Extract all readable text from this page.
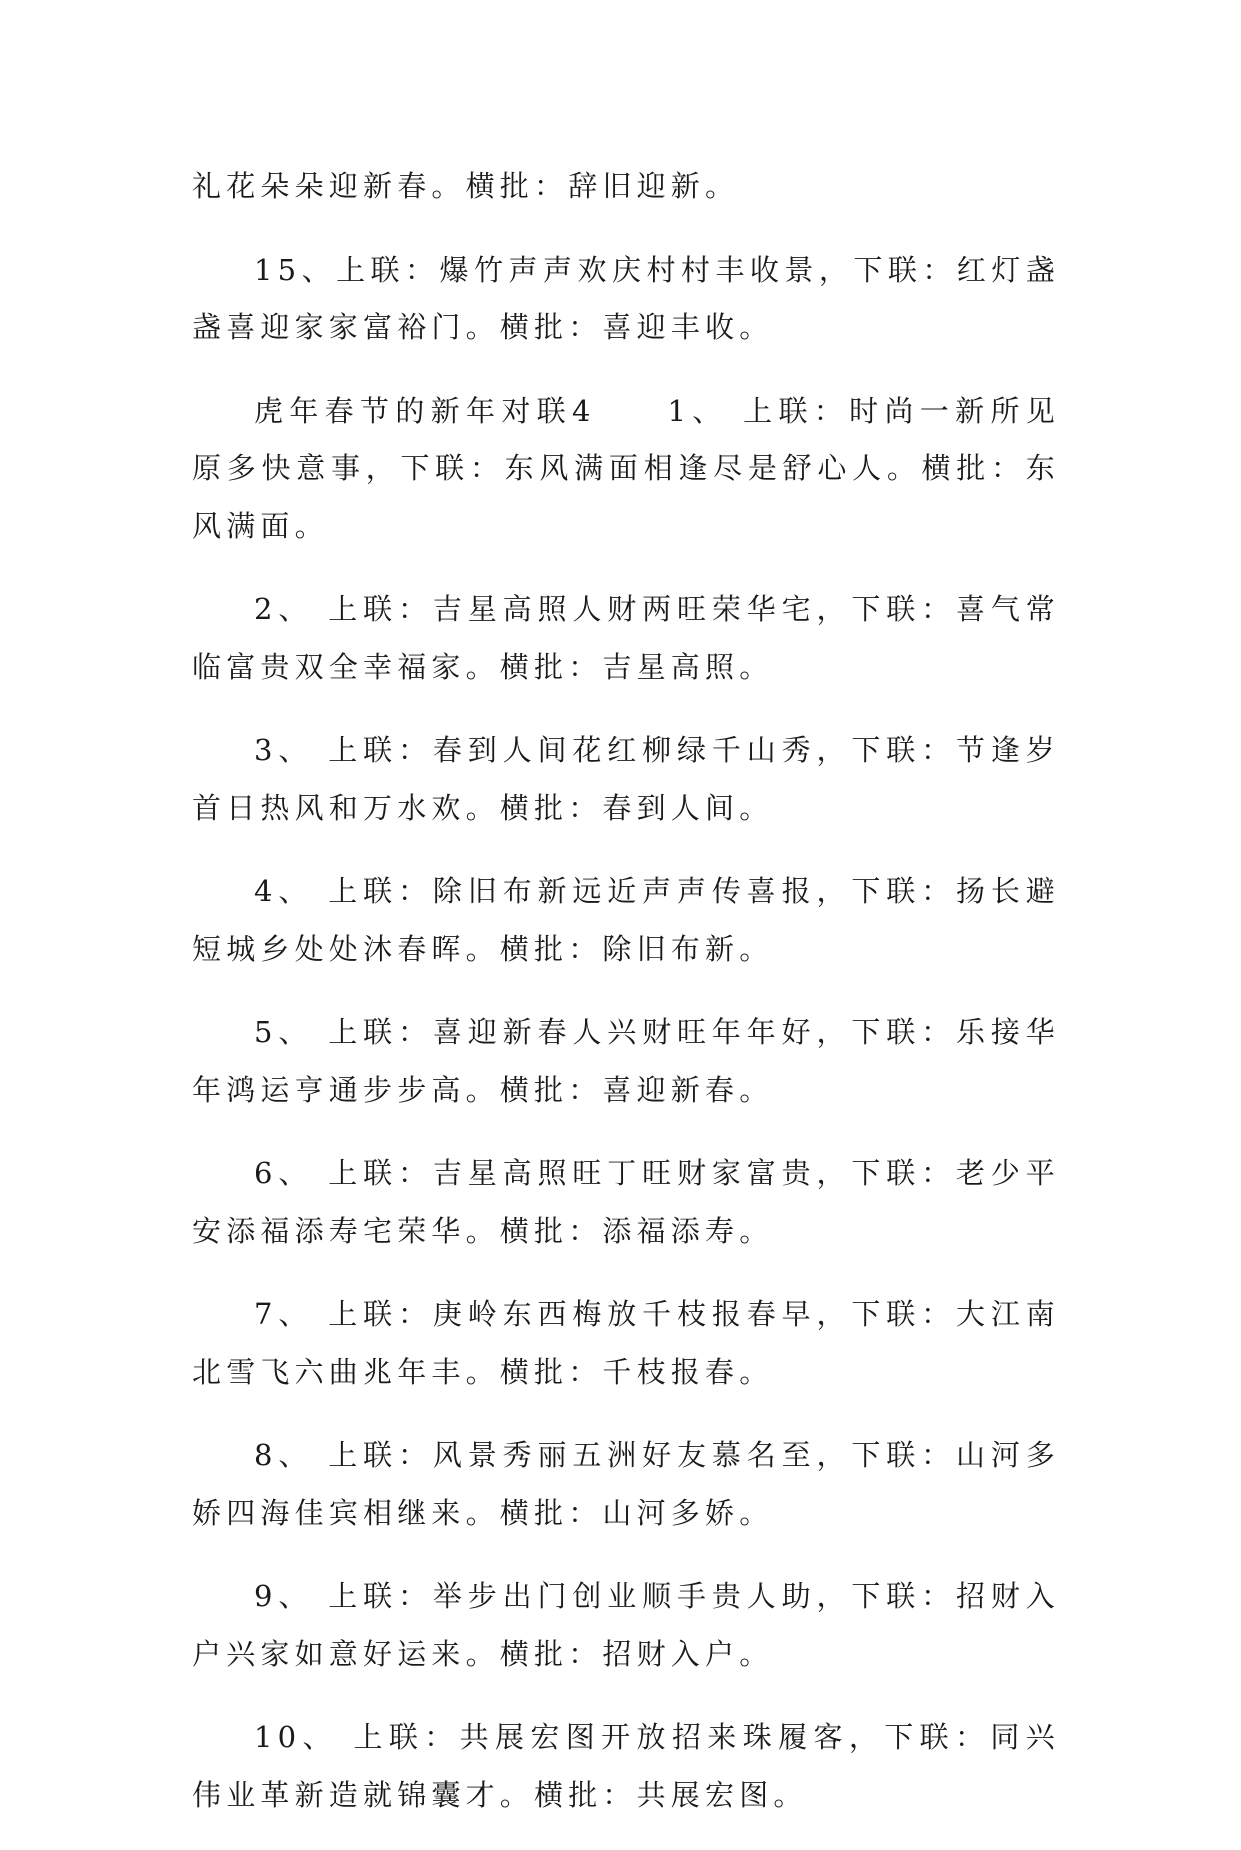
礼花朵朵迎新春。横批：辞旧迎新。

15、上联：爆竹声声欢庆村村丰收景，下联：红灯盏盏喜迎家家富裕门。横批：喜迎丰收。

虎年春节的新年对联4　　1、 上联：时尚一新所见原多快意事，下联：东风满面相逢尽是舒心人。横批：东风满面。

2、 上联：吉星高照人财两旺荣华宅，下联：喜气常临富贵双全幸福家。横批：吉星高照。

3、 上联：春到人间花红柳绿千山秀，下联：节逢岁首日热风和万水欢。横批：春到人间。

4、 上联：除旧布新远近声声传喜报，下联：扬长避短城乡处处沐春晖。横批：除旧布新。

5、 上联：喜迎新春人兴财旺年年好，下联：乐接华年鸿运亨通步步高。横批：喜迎新春。

6、 上联：吉星高照旺丁旺财家富贵，下联：老少平安添福添寿宅荣华。横批：添福添寿。

7、 上联：庚岭东西梅放千枝报春早，下联：大江南北雪飞六曲兆年丰。横批：千枝报春。

8、 上联：风景秀丽五洲好友慕名至，下联：山河多娇四海佳宾相继来。横批：山河多娇。

9、 上联：举步出门创业顺手贵人助，下联：招财入户兴家如意好运来。横批：招财入户。

10、 上联：共展宏图开放招来珠履客，下联：同兴伟业革新造就锦囊才。横批：共展宏图。
